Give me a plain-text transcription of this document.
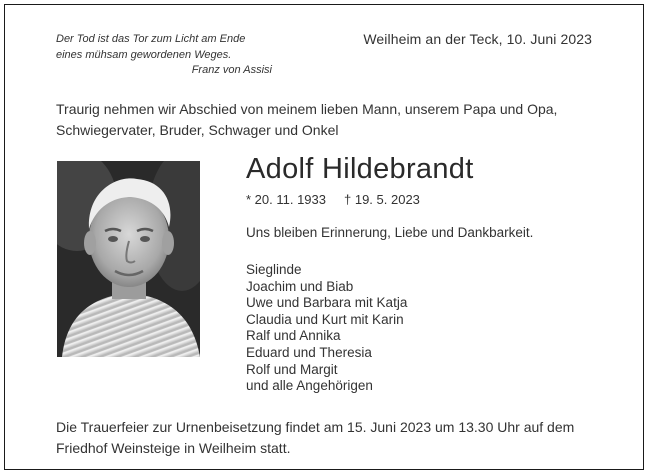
Der Tod ist das Tor zum Licht am Ende
eines mühsam gewordenen Weges.
Franz von Assisi
Weilheim an der Teck, 10. Juni 2023
Traurig nehmen wir Abschied von meinem lieben Mann, unserem Papa und Opa,
Schwiegervater, Bruder, Schwager und Onkel
Adolf Hildebrandt
* 20. 11. 1933 † 19. 5. 2023
Uns bleiben Erinnerung, Liebe und Dankbarkeit.
Sieglinde
Joachim und Biab
Uwe und Barbara mit Katja
Claudia und Kurt mit Karin
Ralf und Annika
Eduard und Theresia
Rolf und Margit
und alle Angehörigen
Die Trauerfeier zur Urnenbeisetzung findet am 15. Juni 2023 um 13.30 Uhr auf dem
Friedhof Weinsteige in Weilheim statt.
